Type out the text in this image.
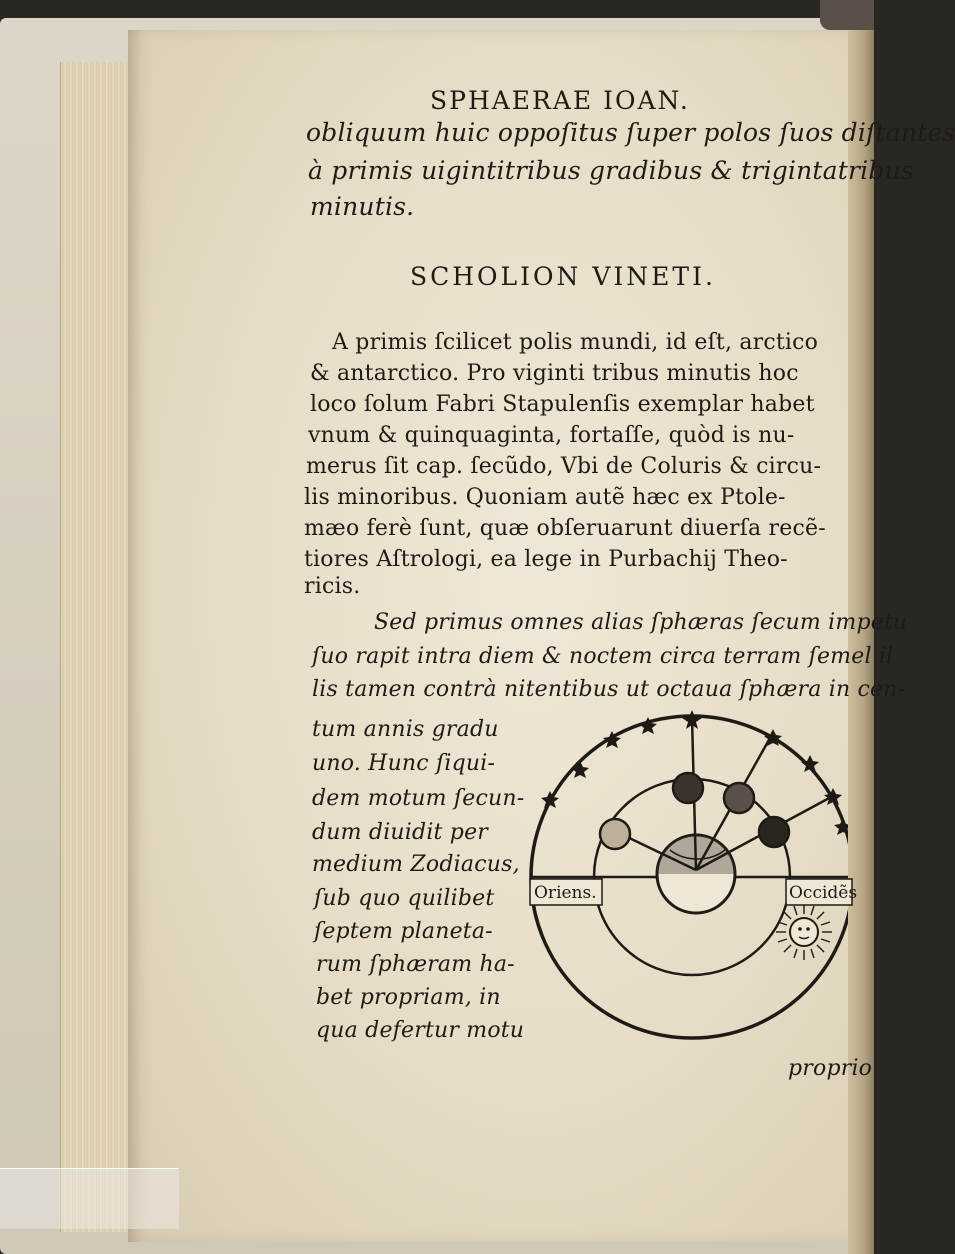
SPHAERAE IOAN.

obliquum huic oppoſitus ſuper polos ſuos diſtantes

à primis uigintitribus gradibus & trigintatribus

minutis.

SCHOLION VINETI.

A primis ſcilicet polis mundi, id eſt, arctico

& antarctico. Pro viginti tribus minutis hoc

loco ſolum Fabri Stapulenſis exemplar habet

vnum & quinquaginta, fortaſſe, quòd is nu-

merus ſit cap. ſecũdo, Vbi de Coluris & circu-

lis minoribus. Quoniam autẽ hæc ex Ptole-

mæo ferè ſunt, quæ obſeruarunt diuerſa recẽ-

tiores Aſtrologi, ea lege in Purbachij Theo-

ricis.

Sed primus omnes alias ſphæras ſecum impetu

ſuo rapit intra diem & noctem circa terram ſemel il

lis tamen contrà nitentibus ut octaua ſphæra in cen-

tum annis gradu

uno. Hunc ſiqui-

dem motum ſecun-

dum diuidit per

medium Zodiacus,

ſub quo quilibet

ſeptem planeta-

rum ſphæram ha-

bet propriam, in

qua defertur motu

proprio

Oriens.	Occidẽs
